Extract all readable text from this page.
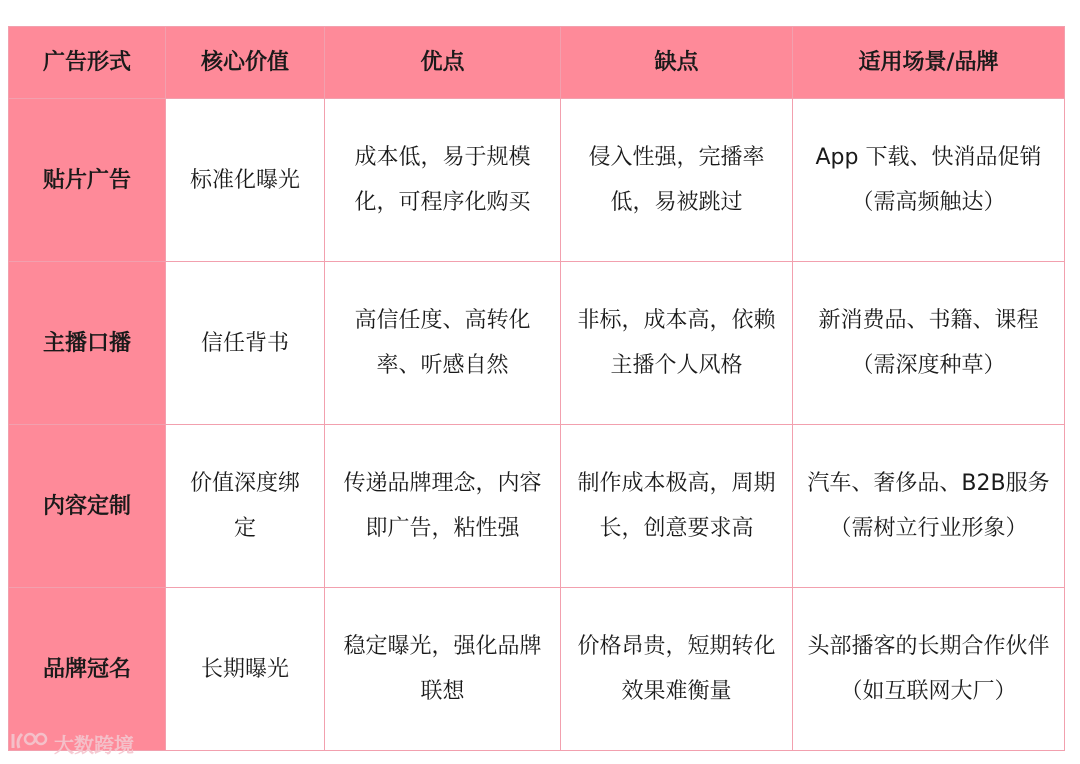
广告形式	核心价值	优点	缺点	适用场景/品牌
贴片广告	标准化曝光	成本低，易于规模化，可程序化购买	侵入性强，完播率低，易被跳过	App 下载、快消品促销（需高频触达）
主播口播	信任背书	高信任度、高转化率、听感自然	非标，成本高，依赖主播个人风格	新消费品、书籍、课程（需深度种草）
内容定制	价值深度绑定	传递品牌理念，内容即广告，粘性强	制作成本极高，周期长，创意要求高	汽车、奢侈品、B2B服务（需树立行业形象）
品牌冠名	长期曝光	稳定曝光，强化品牌联想	价格昂贵，短期转化效果难衡量	头部播客的长期合作伙伴（如互联网大厂）
大数跨境
